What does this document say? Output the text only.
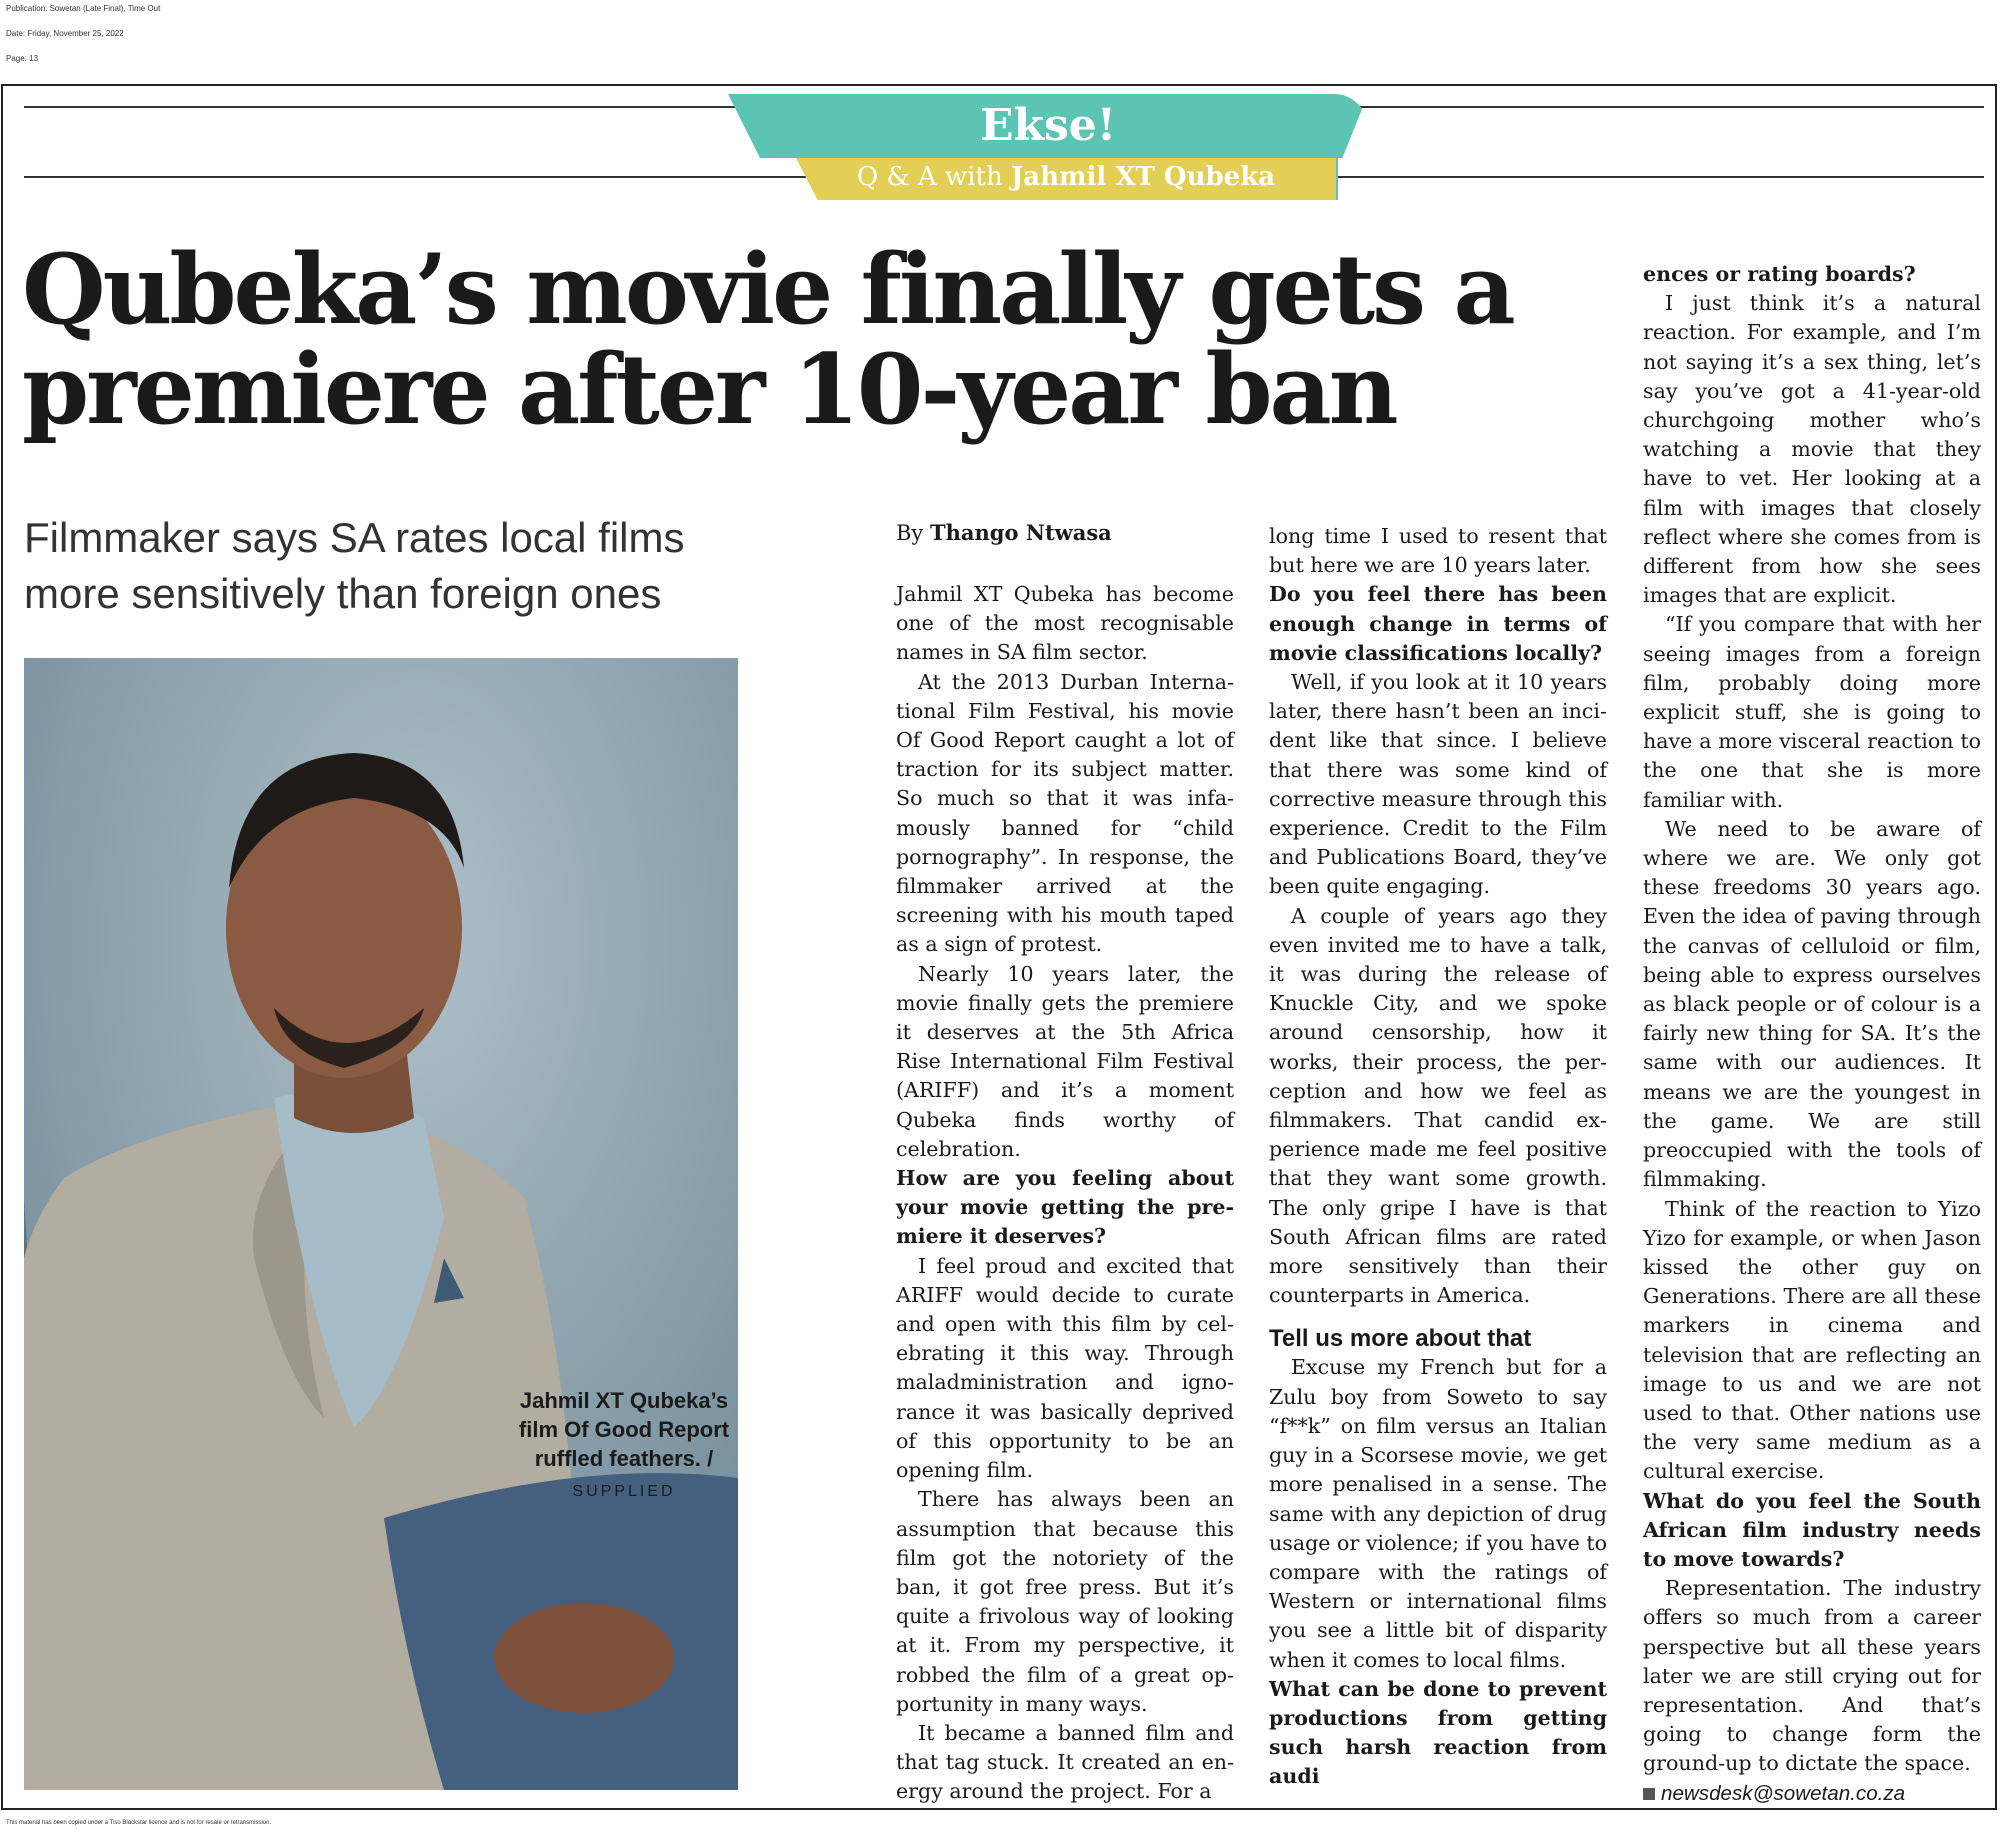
Publication: Sowetan (Late Final), Time Out
Date: Friday, November 25, 2022
Page: 13
Ekse!
Q & A with Jahmil XT Qubeka
Qubeka’s movie finally gets a premiere after 10-year ban
Filmmaker says SA rates local films more sensitively than foreign ones
Jahmil XT Qubeka’s film Of Good Report ruffled feathers. /
SUPPLIED
By Thango Ntwasa

Jahmil XT Qubeka has become one of the most recognisable names in SA film sector.

At the 2013 Durban International Film Festival, his movie Of Good Report caught a lot of traction for its subject matter. So much so that it was infamously banned for “child pornography”. In response, the filmmaker arrived at the screening with his mouth taped as a sign of protest.

Nearly 10 years later, the movie finally gets the premiere it deserves at the 5th Africa Rise International Film Festival (ARIFF) and it’s a moment Qubeka finds worthy of celebration.

How are you feeling about your movie getting the premiere it deserves?

I feel proud and excited that ARIFF would decide to curate and open with this film by celebrating it this way. Through maladministration and ignorance it was basically deprived of this opportunity to be an opening film.

There has always been an assumption that because this film got the notoriety of the ban, it got free press. But it’s quite a frivolous way of looking at it. From my perspective, it robbed the film of a great opportunity in many ways.

It became a banned film and that tag stuck. It created an energy around the project. For a

long time I used to resent that but here we are 10 years later.

Do you feel there has been enough change in terms of movie classifications locally?

Well, if you look at it 10 years later, there hasn’t been an incident like that since. I believe that there was some kind of corrective measure through this experience. Credit to the Film and Publications Board, they’ve been quite engaging.

A couple of years ago they even invited me to have a talk, it was during the release of Knuckle City, and we spoke around censorship, how it works, their process, the perception and how we feel as filmmakers. That candid experience made me feel positive that they want some growth. The only gripe I have is that South African films are rated more sensitively than their counterparts in America.

Tell us more about that

Excuse my French but for a Zulu boy from Soweto to say “f**k” on film versus an Italian guy in a Scorsese movie, we get more penalised in a sense. The same with any depiction of drug usage or violence; if you have to compare with the ratings of Western or international films you see a little bit of disparity when it comes to local films.

What can be done to prevent productions from getting such harsh reaction from audi

ences or rating boards?

I just think it’s a natural reaction. For example, and I’m not saying it’s a sex thing, let’s say you’ve got a 41-year-old churchgoing mother who’s watching a movie that they have to vet. Her looking at a film with images that closely reflect where she comes from is different from how she sees images that are explicit.

“If you compare that with her seeing images from a foreign film, probably doing more explicit stuff, she is going to have a more visceral reaction to the one that she is more familiar with.

We need to be aware of where we are. We only got these freedoms 30 years ago. Even the idea of paving through the canvas of celluloid or film, being able to express ourselves as black people or of colour is a fairly new thing for SA. It’s the same with our audiences. It means we are the youngest in the game. We are still preoccupied with the tools of filmmaking.

Think of the reaction to Yizo Yizo for example, or when Jason kissed the other guy on Generations. There are all these markers in cinema and television that are reflecting an image to us and we are not used to that. Other nations use the very same medium as a cultural exercise.

What do you feel the South African film industry needs to move towards?

Representation. The industry offers so much from a career perspective but all these years later we are still crying out for representation. And that’s going to change form the ground-up to dictate the space.

newsdesk@sowetan.co.za

This material has been copied under a Tiso Blackstar licence and is not for resale or retransmission.
